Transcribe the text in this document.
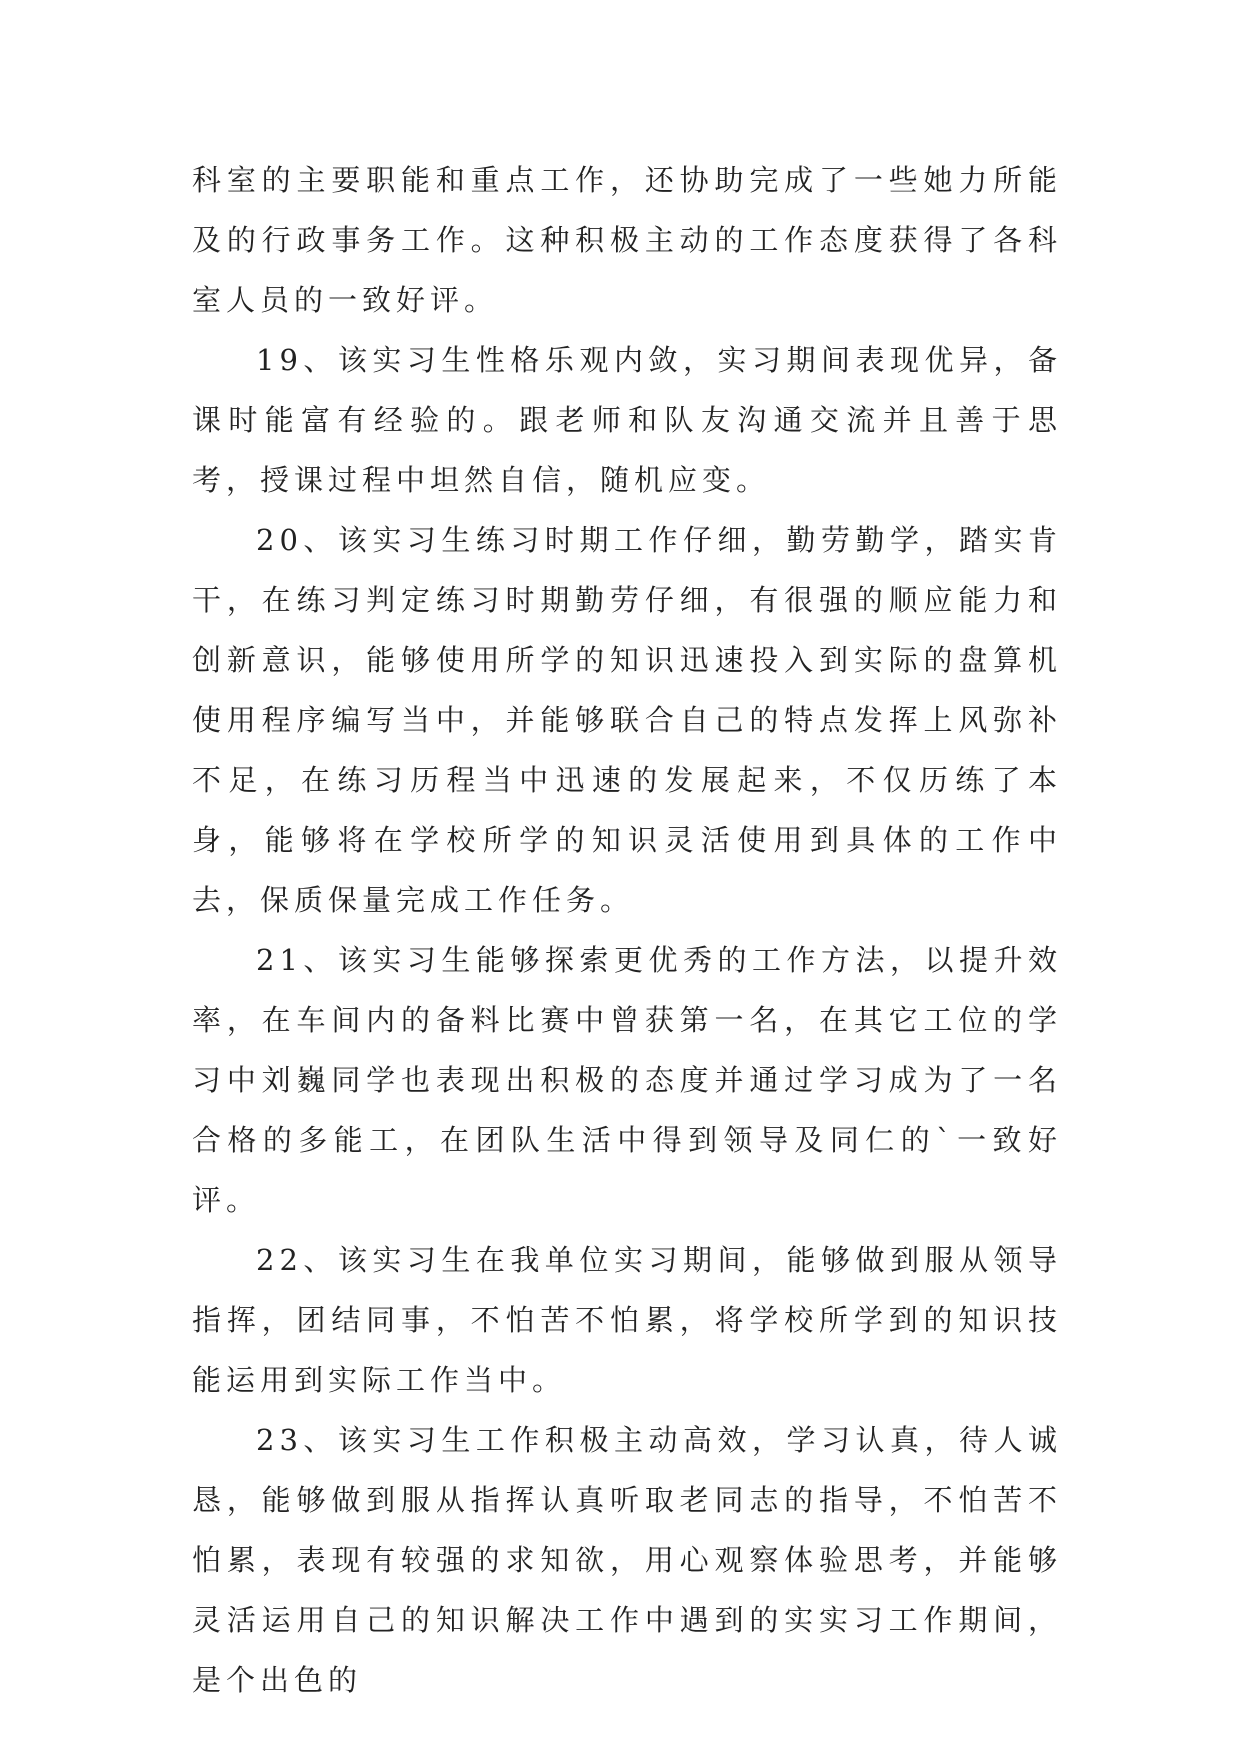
科室的主要职能和重点工作，还协助完成了一些她力所能及的行政事务工作。这种积极主动的工作态度获得了各科室人员的一致好评。

19、该实习生性格乐观内敛，实习期间表现优异，备课时能富有经验的。跟老师和队友沟通交流并且善于思考，授课过程中坦然自信，随机应变。

20、该实习生练习时期工作仔细，勤劳勤学，踏实肯干，在练习判定练习时期勤劳仔细，有很强的顺应能力和创新意识，能够使用所学的知识迅速投入到实际的盘算机使用程序编写当中，并能够联合自己的特点发挥上风弥补不足，在练习历程当中迅速的发展起来，不仅历练了本身，能够将在学校所学的知识灵活使用到具体的工作中去，保质保量完成工作任务。

21、该实习生能够探索更优秀的工作方法，以提升效率，在车间内的备料比赛中曾获第一名，在其它工位的学习中刘巍同学也表现出积极的态度并通过学习成为了一名合格的多能工，在团队生活中得到领导及同仁的`一致好评。

22、该实习生在我单位实习期间，能够做到服从领导指挥，团结同事，不怕苦不怕累，将学校所学到的知识技能运用到实际工作当中。

23、该实习生工作积极主动高效，学习认真，待人诚恳，能够做到服从指挥认真听取老同志的指导，不怕苦不怕累，表现有较强的求知欲，用心观察体验思考，并能够灵活运用自己的知识解决工作中遇到的实实习工作期间，是个出色的
